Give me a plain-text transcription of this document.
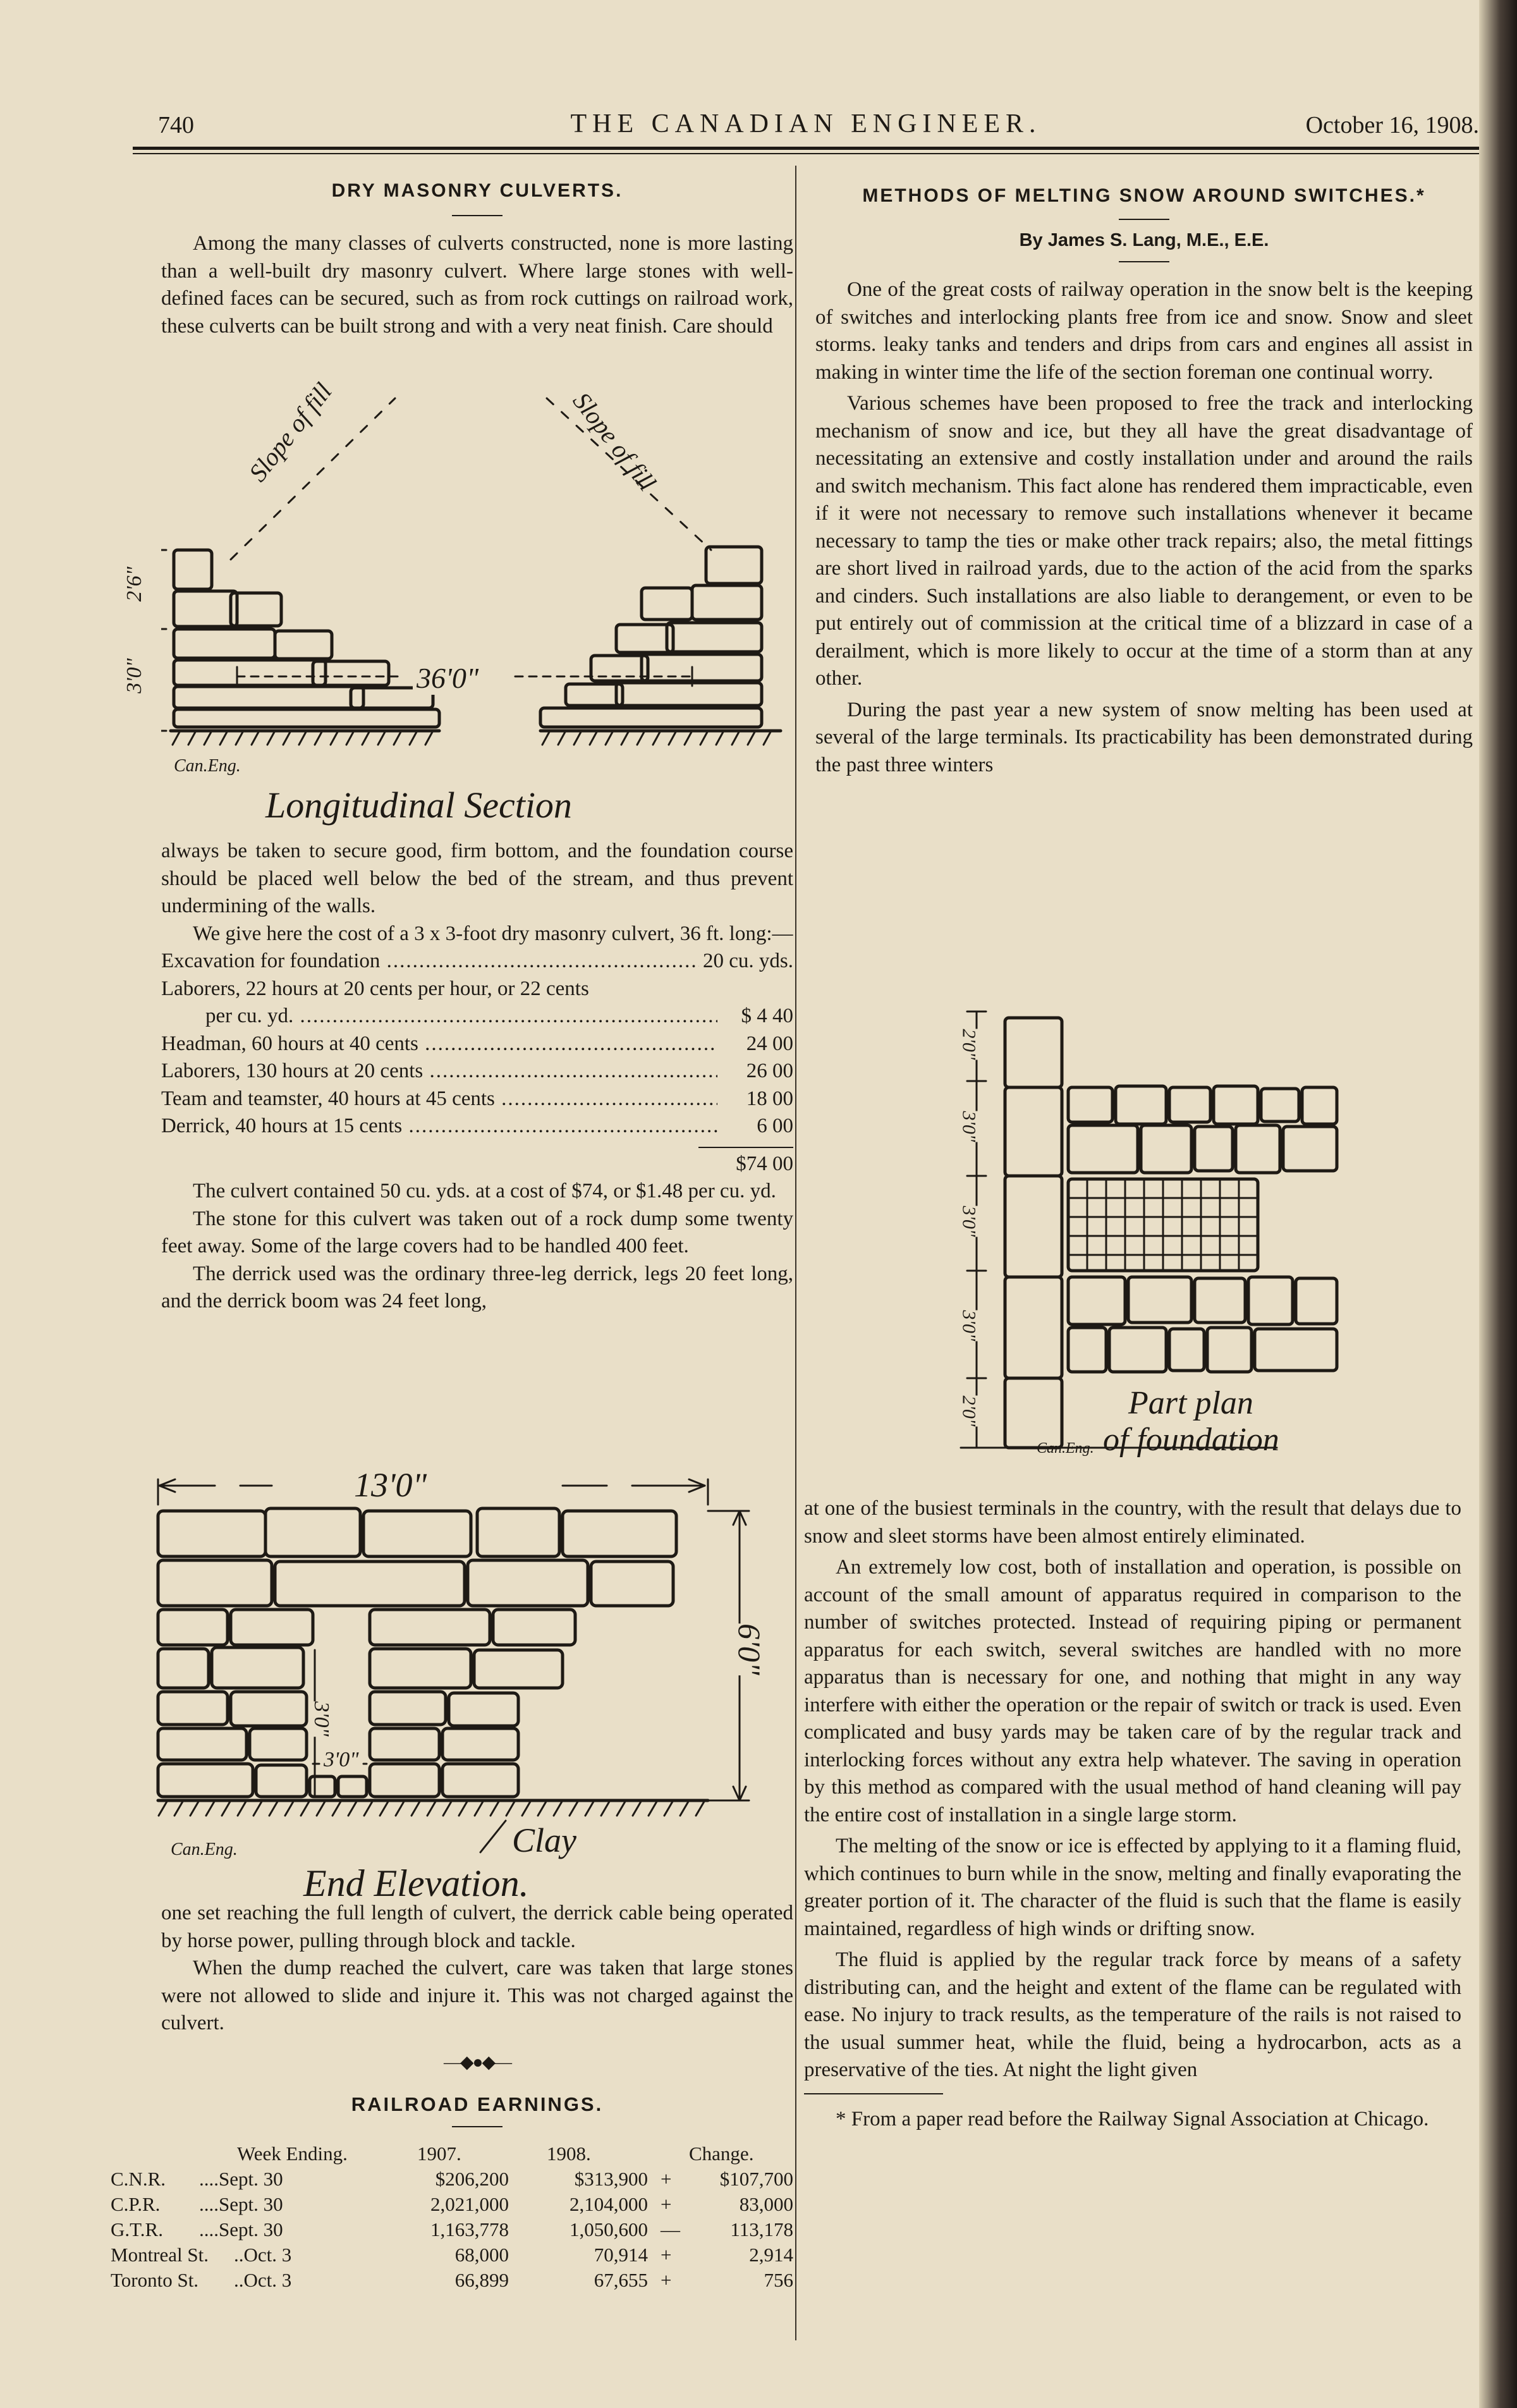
740	THE CANADIAN ENGINEER.	October 16, 1908.
DRY MASONRY CULVERTS.

Among the many classes of culverts constructed, none is more lasting than a well-built dry masonry culvert. Where large stones with well-defined faces can be secured, such as from rock cuttings on railroad work, these culverts can be built strong and with a very neat finish. Care should

Slope of fill	Slope of fill
2'6"
3'0"	36'0"
Can.Eng.
Longitudinal Section

always be taken to secure good, firm bottom, and the foundation course should be placed well below the bed of the stream, and thus prevent undermining of the walls.

We give here the cost of a 3 x 3-foot dry masonry culvert, 36 ft. long:—

Excavation for foundation .....	20 cu. yds.
Laborers, 22 hours at 20 cents per hour, or 22 cents
per cu. yd. .....	$ 4 40
Headman, 60 hours at 40 cents .....	24 00
Laborers, 130 hours at 20 cents .....	26 00
Team and teamster, 40 hours at 45 cents .....	18 00
Derrick, 40 hours at 15 cents .....	6 00
$74 00

The culvert contained 50 cu. yds. at a cost of $74, or $1.48 per cu. yd.

The stone for this culvert was taken out of a rock dump some twenty feet away. Some of the large covers had to be handled 400 feet.

The derrick used was the ordinary three-leg derrick, legs 20 feet long, and the derrick boom was 24 feet long,

13'0"
6'0"
3'0"
3'0"
Clay
Can.Eng.
End Elevation.

one set reaching the full length of culvert, the derrick cable being operated by horse power, pulling through block and tackle.

When the dump reached the culvert, care was taken that large stones were not allowed to slide and injure it. This was not charged against the culvert.

—◆●◆—
RAILROAD EARNINGS.
Week Ending.	1907.	1908.	Change.
C.N.R. ....Sept. 30	$206,200	$313,900 + $107,700
C.P.R. ....Sept. 30	2,021,000	2,104,000 +	83,000
G.T.R. ....Sept. 30	1,163,778	1,050,600 —	113,178
Montreal St. ..Oct. 3	68,000	70,914 +	2,914
Toronto St. ..Oct. 3	66,899	67,655 +	756
METHODS OF MELTING SNOW AROUND SWITCHES.*
By James S. Lang, M.E., E.E.

One of the great costs of railway operation in the snow belt is the keeping of switches and interlocking plants free from ice and snow. Snow and sleet storms. leaky tanks and tenders and drips from cars and engines all assist in making in winter time the life of the section foreman one continual worry.

Various schemes have been proposed to free the track and interlocking mechanism of snow and ice, but they all have the great disadvantage of necessitating an extensive and costly installation under and around the rails and switch mechanism. This fact alone has rendered them impracticable, even if it were not necessary to remove such installations whenever it became necessary to tamp the ties or make other track repairs; also, the metal fittings are short lived in railroad yards, due to the action of the acid from the sparks and cinders. Such installations are also liable to derangement, or even to be put entirely out of commission at the critical time of a blizzard in case of a derailment, which is more likely to occur at the time of a storm than at any other.

During the past year a new system of snow melting has been used at several of the large terminals. Its practicability has been demonstrated during the past three winters

2'0"
3'0"
3'0"
3'0"
2'0"	Part plan
of foundation
Can.Eng.

at one of the busiest terminals in the country, with the result that delays due to snow and sleet storms have been almost entirely eliminated.

An extremely low cost, both of installation and operation, is possible on account of the small amount of apparatus required in comparison to the number of switches protected. Instead of requiring piping or permanent apparatus for each switch, several switches are handled with no more apparatus than is necessary for one, and nothing that might in any way interfere with either the operation or the repair of switch or track is used. Even complicated and busy yards may be taken care of by the regular track and interlocking forces without any extra help whatever. The saving in operation by this method as compared with the usual method of hand cleaning will pay the entire cost of installation in a single large storm.

The melting of the snow or ice is effected by applying to it a flaming fluid, which continues to burn while in the snow, melting and finally evaporating the greater portion of it. The character of the fluid is such that the flame is easily maintained, regardless of high winds or drifting snow.

The fluid is applied by the regular track force by means of a safety distributing can, and the height and extent of the flame can be regulated with ease. No injury to track results, as the temperature of the rails is not raised to the usual summer heat, while the fluid, being a hydrocarbon, acts as a preservative of the ties. At night the light given

* From a paper read before the Railway Signal Association at Chicago.
